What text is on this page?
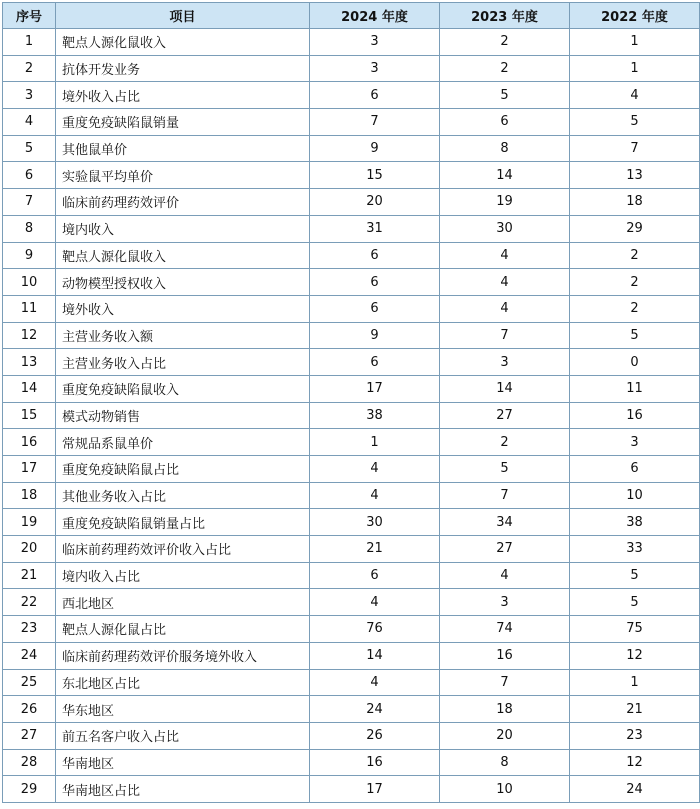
序号	项目	2024 年度	2023 年度	2022 年度
1	靶点人源化鼠收入	3	2	1
2	抗体开发业务	3	2	1
3	境外收入占比	6	5	4
4	重度免疫缺陷鼠销量	7	6	5
5	其他鼠单价	9	8	7
6	实验鼠平均单价	15	14	13
7	临床前药理药效评价	20	19	18
8	境内收入	31	30	29
9	靶点人源化鼠收入	6	4	2
10	动物模型授权收入	6	4	2
11	境外收入	6	4	2
12	主营业务收入额	9	7	5
13	主营业务收入占比	6	3	0
14	重度免疫缺陷鼠收入	17	14	11
15	模式动物销售	38	27	16
16	常规品系鼠单价	1	2	3
17	重度免疫缺陷鼠占比	4	5	6
18	其他业务收入占比	4	7	10
19	重度免疫缺陷鼠销量占比	30	34	38
20	临床前药理药效评价收入占比	21	27	33
21	境内收入占比	6	4	5
22	西北地区	4	3	5
23	靶点人源化鼠占比	76	74	75
24	临床前药理药效评价服务境外收入	14	16	12
25	东北地区占比	4	7	1
26	华东地区	24	18	21
27	前五名客户收入占比	26	20	23
28	华南地区	16	8	12
29	华南地区占比	17	10	24
